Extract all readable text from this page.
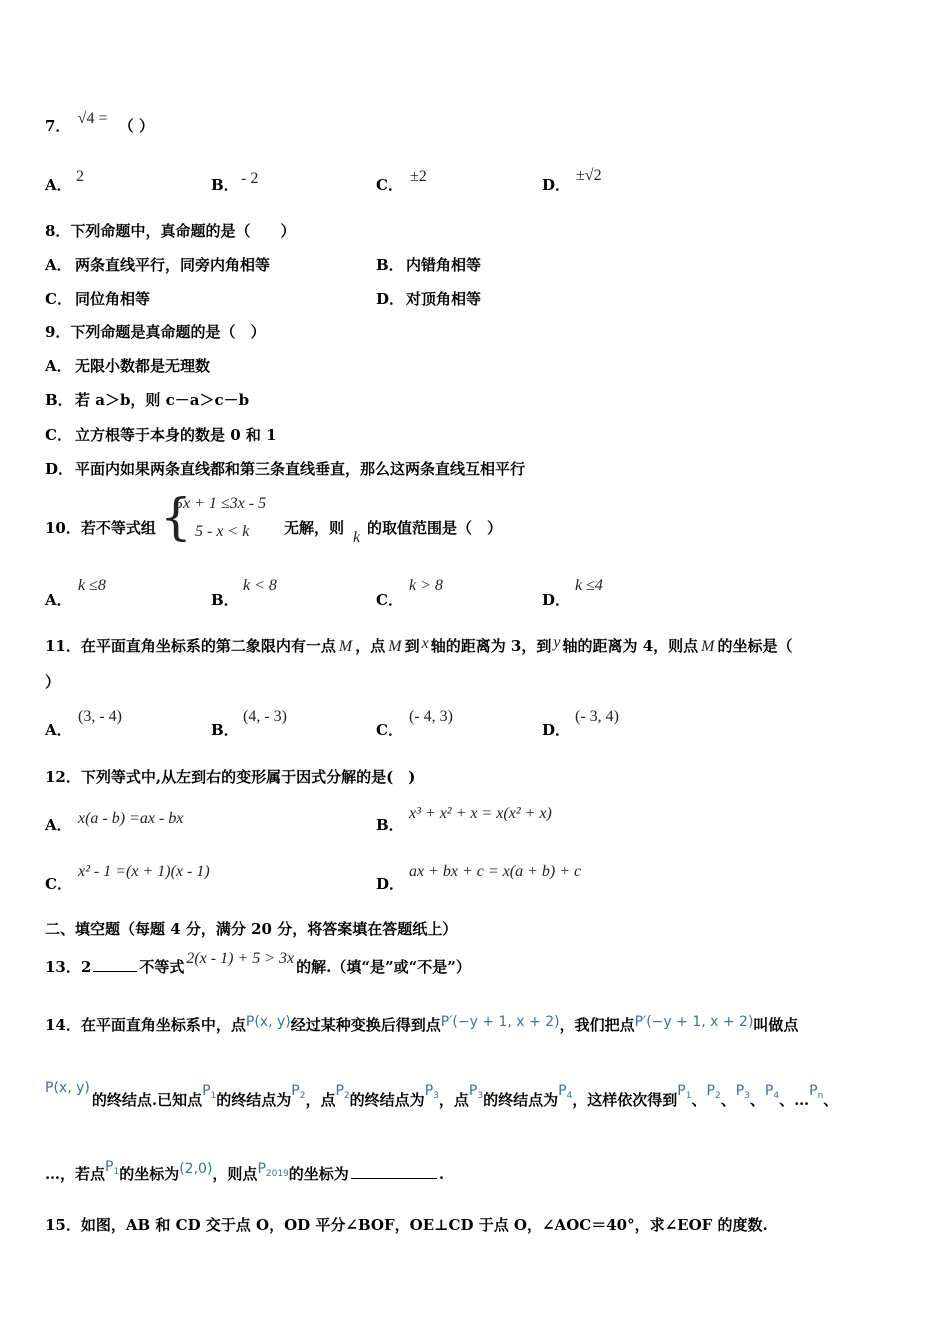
7． √4 = （ ）
A． 2	B． - 2	C． ±2	D．
±√2
8．下列命题中，真命题的是（　　）
A． 两条直线平行，同旁内角相等	B． 内错角相等
C． 同位角相等	D． 对顶角相等
9．下列命题是真命题的是（　）
A． 无限小数都是无理数
B． 若 a＞b，则 c－a＞c－b
C． 立方根等于本身的数是 0 和 1
D． 平面内如果两条直线都和第三条直线垂直，那么这两条直线互相平行
10．若不等式组 {
5x + 1 ≤3x - 5
5 - x < k 无解，则
k
的取值范围是（　）
A．
k ≤8
B．
k < 8
C．
k > 8
D．
k ≤4
11．在平面直角坐标系的第二象限内有一点 M ，点 M 到 x 轴的距离为 3，到 y 轴的距离为 4，则点 M 的坐标是（
）
A．
(3, - 4)
B．
(4, - 3)
C．
(- 4, 3)
D．
(- 3, 4)
12．下列等式中,从左到右的变形属于因式分解的是(　)
A． x(a - b) =ax - bx	B．
x³ + x² + x = x(x² + x)
C．
x² - 1 =(x + 1)(x - 1)
D．
ax + bx + c = x(a + b) + c
二、填空题（每题 4 分，满分 20 分，将答案填在答题纸上）
13．2	不等式 2(x - 1) + 5 > 3x 的解.（填“是”或“不是”）
14．在平面直角坐标系中，点P(x, y)经过某种变换后得到点P′(−y + 1, x + 2)，我们把点P′(−y + 1, x + 2)叫做点
P(x, y)的终结点.已知点$P_1$的终结点为$P_2$，点$P_2$的终结点为$P_3$，点$P_3$的终结点为$P_4$，这样依次得到$P_1$、$P_2$、$P_3$、$P_4$、$\dots P_n$、
…，若点$P_1$的坐标为(2,0)，则点$P_{2019}$的坐标为	.
15．如图，AB 和 CD 交于点 O，OD 平分∠BOF，OE⊥CD 于点 O，∠AOC＝40°，求∠EOF 的度数.
